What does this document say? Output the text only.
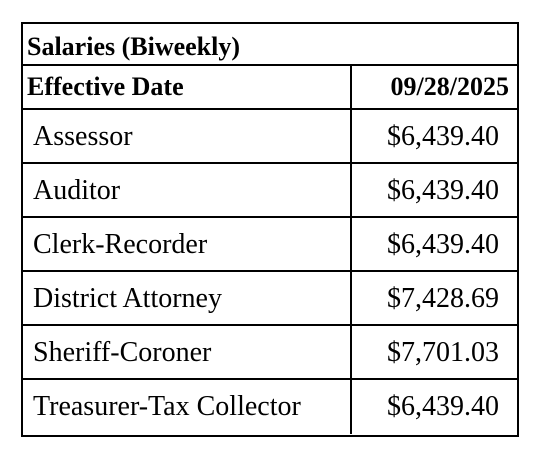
Salaries (Biweekly)
Effective Date	09/28/2025
Assessor	$6,439.40
Auditor	$6,439.40
Clerk-Recorder	$6,439.40
District Attorney	$7,428.69
Sheriff-Coroner	$7,701.03
Treasurer-Tax Collector	$6,439.40
